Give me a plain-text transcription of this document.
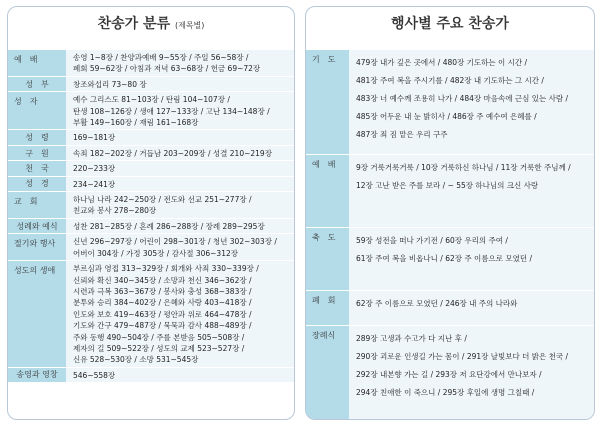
찬송가 분류 (제목별)
예　배	송영 1~8장 / 찬양과예배 9~55장 / 주일 56~58장 /
폐회 59~62장 / 아침과 저녁 63~68장 / 헌금 69~72장
성　부	창조와섭리 73~80 장
성　자	예수 그리스도 81~103장 / 탄림 104~107장 /
탄생 108~126장 / 생애 127~133장 / 고난 134~148장 /
부활 149~160장 / 재림 161~168장
성　령	169~181장
구　원	속죄 182~202장 / 거듭남 203~209장 / 성결 210~219장
천　국	220~233장
성　경	234~241장
교　회	하나님 나라 242~250장 / 전도와 선교 251~277장 /
친교와 봉사 278~280장
성례와 예식	성찬 281~285장 / 혼례 286~288장 / 장례 289~295장
절기와 행사	신년 296~297장 / 어린이 298~301장 / 청년 302~303장 /
어버이 304장 / 가정 305장 / 감사절 306~312장
성도의 생애	부르심과 영접 313~329장 / 회개와 사죄 330~339장 /
신뢰와 확신 340~345장 / 소망과 천신 346~362장 /
시련과 극복 363~367장 / 봉사와 충성 368~383장 /
분투와 승리 384~402장 / 은혜와 사랑 403~418장 /
인도와 보호 419~463장 / 평안과 위로 464~478장 /
기도와 간구 479~487장 / 묵묵과 감사 488~489장 /
주와 동행 490~504장 / 주를 본받음 505~508장 /
제자의 길 509~522장 / 성도의 교제 523~527장 /
신유 528~530장 / 소망 531~545장
송영과 영창	546~558장
행사별 주요 찬송가
기　도	479장 내가 깊은 곳에서 / 480장 기도하는 이 시간 /
481장 주여 복을 주시기를 / 482장 내 기도하는 그 시간 /
483장 너 예수께 조용히 나가 / 484장 마음속에 근심 있는 사람 /
485장 어두운 내 눈 밝히사 / 486장 주 예수여 은혜를 /
487장 죄 짐 맡은 우리 구주
예　배	9장 거룩거룩거룩 / 10장 거룩하신 하나님 / 11장 거룩한 주님께 /
12장 고난 받은 주를 보라 / ~ 55장 하나님의 크신 사랑
축　도	59장 성전을 떠나 가기전 / 60장 우리의 주여 /
61장 주여 복을 비옵나니 / 62장 주 이름으로 모였던 /
폐　회	62장 주 이름으로 모였던 / 246장 내 주의 나라와
장례식	289장 고생과 수고가 다 지난 후 /
290장 괴로운 인생길 가는 몸이 / 291장 날빛보다 더 밝은 천국 /
292장 내본향 가는 길 / 293장 저 요단강에서 만나보자 /
294장 친애한 이 죽으니 / 295장 후일에 생명 그칠때 /
